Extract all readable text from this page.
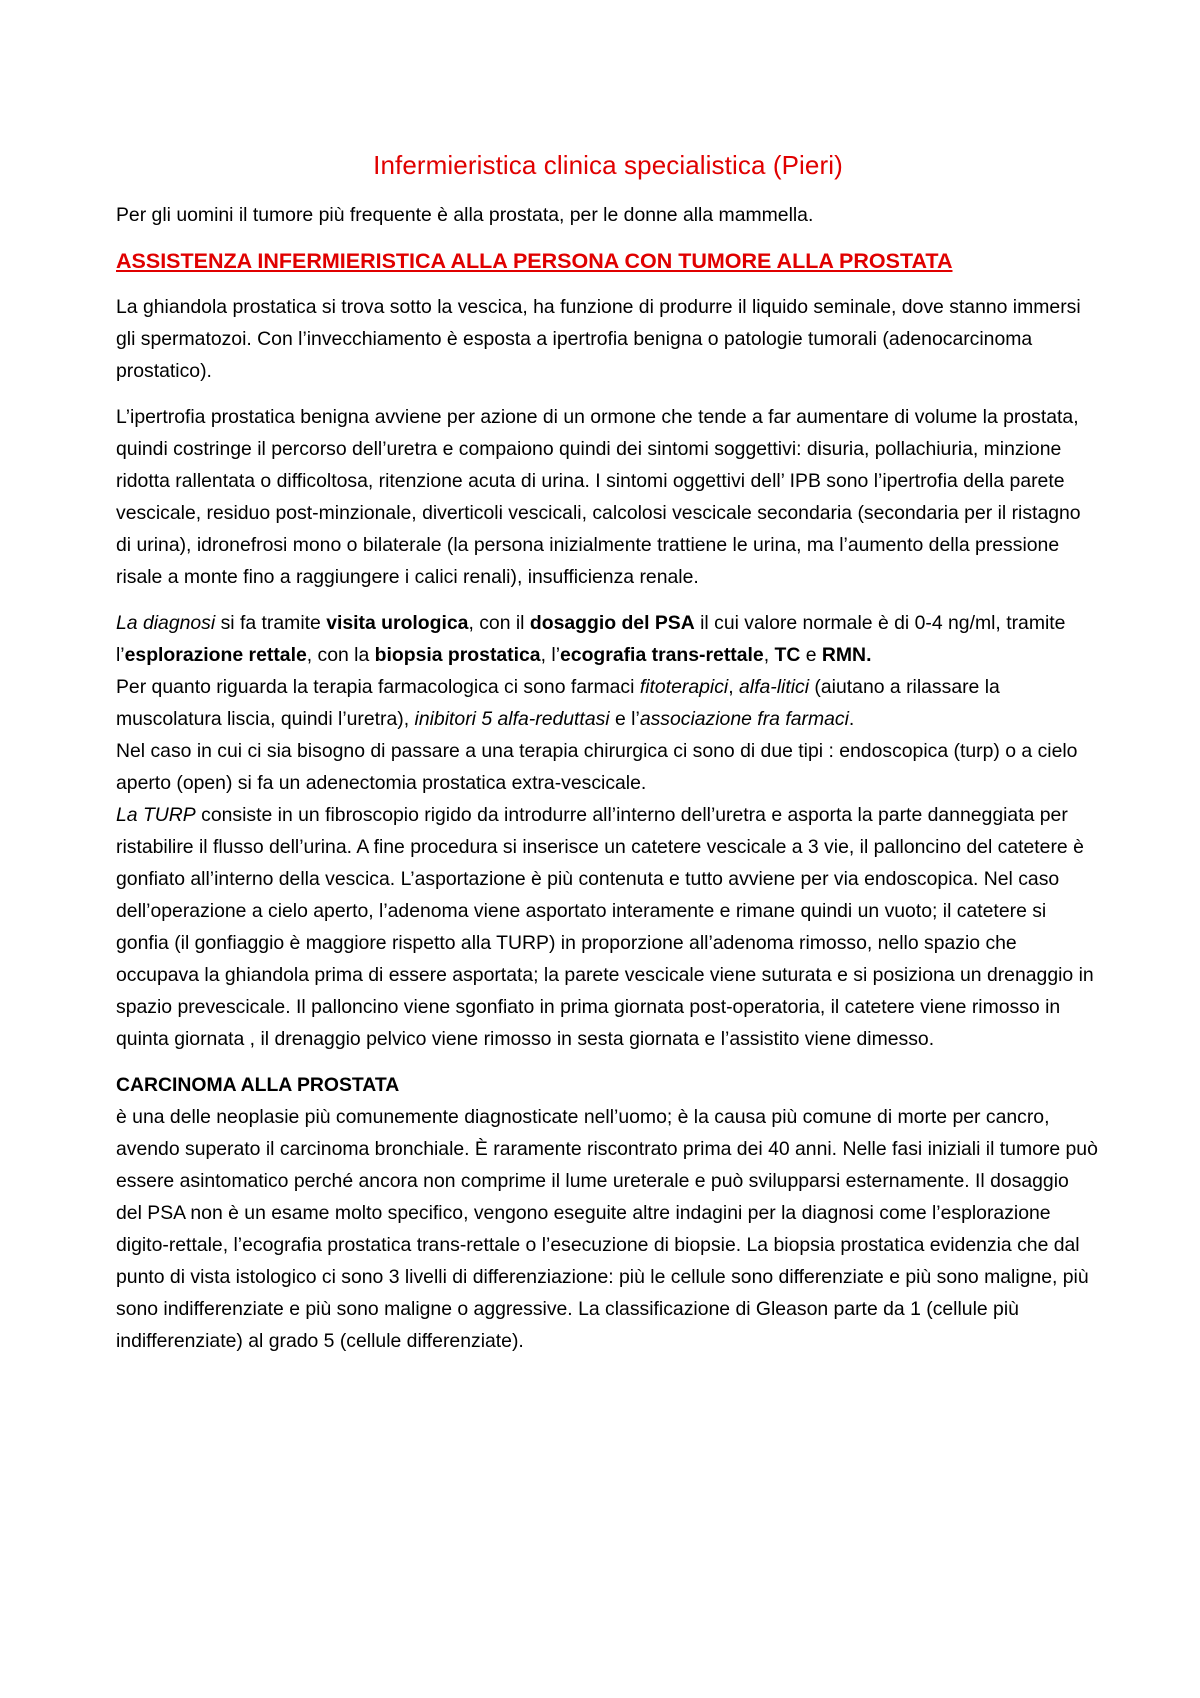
Infermieristica clinica specialistica (Pieri)

Per gli uomini il tumore più frequente è alla prostata, per le donne alla mammella.

ASSISTENZA INFERMIERISTICA ALLA PERSONA CON TUMORE ALLA PROSTATA

La ghiandola prostatica si trova sotto la vescica, ha funzione di produrre il liquido seminale, dove stanno immersi gli spermatozoi. Con l’invecchiamento è esposta a ipertrofia benigna o patologie tumorali (adenocarcinoma prostatico).

L’ipertrofia prostatica benigna avviene per azione di un ormone che tende a far aumentare di volume la prostata, quindi costringe il percorso dell’uretra e compaiono quindi dei sintomi soggettivi: disuria, pollachiuria, minzione ridotta rallentata o difficoltosa, ritenzione acuta di urina. I sintomi oggettivi dell’ IPB sono l’ipertrofia della parete vescicale, residuo post-minzionale, diverticoli vescicali, calcolosi vescicale secondaria (secondaria per il ristagno di urina), idronefrosi mono o bilaterale (la persona inizialmente trattiene le urina, ma l’aumento della pressione risale a monte fino a raggiungere i calici renali), insufficienza renale.

La diagnosi si fa tramite visita urologica, con il dosaggio del PSA il cui valore normale è di 0-4 ng/ml, tramite l’esplorazione rettale, con la biopsia prostatica, l’ecografia trans-rettale, TC e RMN.

Per quanto riguarda la terapia farmacologica ci sono farmaci fitoterapici, alfa-litici (aiutano a rilassare la muscolatura liscia, quindi l’uretra), inibitori 5 alfa-reduttasi e l’associazione fra farmaci.

Nel caso in cui ci sia bisogno di passare a una terapia chirurgica ci sono di due tipi : endoscopica (turp) o a cielo aperto (open) si fa un adenectomia prostatica extra-vescicale.

La TURP consiste in un fibroscopio rigido da introdurre all’interno dell’uretra e asporta la parte danneggiata per ristabilire il flusso dell’urina. A fine procedura si inserisce un catetere vescicale a 3 vie, il palloncino del catetere è gonfiato all’interno della vescica. L’asportazione è più contenuta e tutto avviene per via endoscopica. Nel caso dell’operazione a cielo aperto, l’adenoma viene asportato interamente e rimane quindi un vuoto; il catetere si gonfia (il gonfiaggio è maggiore rispetto alla TURP) in proporzione all’adenoma rimosso, nello spazio che occupava la ghiandola prima di essere asportata; la parete vescicale viene suturata e si posiziona un drenaggio in spazio prevescicale. Il palloncino viene sgonfiato in prima giornata post-operatoria, il catetere viene rimosso in quinta giornata , il drenaggio pelvico viene rimosso in sesta giornata e l’assistito viene dimesso.

CARCINOMA ALLA PROSTATA

è una delle neoplasie più comunemente diagnosticate nell’uomo; è la causa più comune di morte per cancro, avendo superato il carcinoma bronchiale. È raramente riscontrato prima dei 40 anni. Nelle fasi iniziali il tumore può essere asintomatico perché ancora non comprime il lume ureterale e può svilupparsi esternamente. Il dosaggio del PSA non è un esame molto specifico, vengono eseguite altre indagini per la diagnosi come l’esplorazione digito-rettale, l’ecografia prostatica trans-rettale o l’esecuzione di biopsie. La biopsia prostatica evidenzia che dal punto di vista istologico ci sono 3 livelli di differenziazione: più le cellule sono differenziate e più sono maligne, più sono indifferenziate e più sono maligne o aggressive. La classificazione di Gleason parte da 1 (cellule più indifferenziate) al grado 5 (cellule differenziate).
